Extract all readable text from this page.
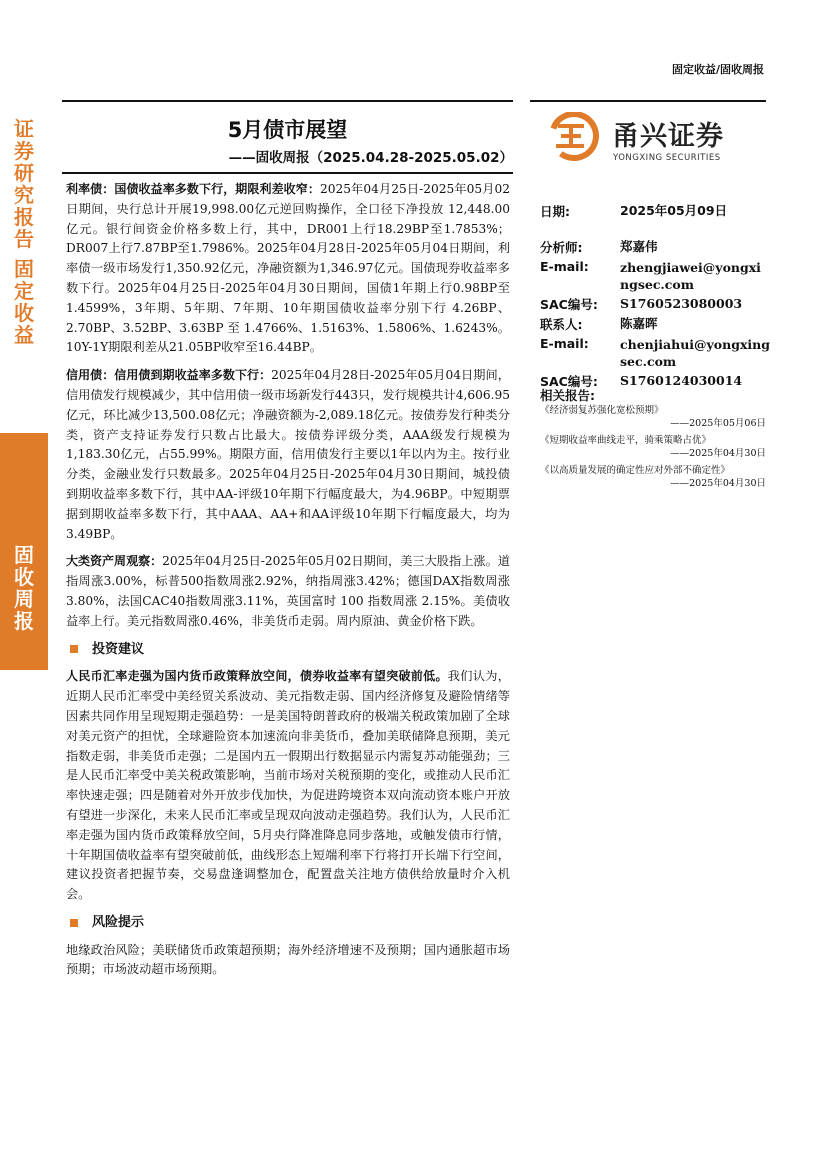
证
券
研
究
报
告
固
定
收
益
固
收
周
报
固定收益/固收周报
5月债市展望
——固收周报（2025.04.28-2025.05.02）

利率债：国债收益率多数下行，期限利差收窄：2025年04月25日-2025年05月02日期间，央行总计开展19,998.00亿元逆回购操作，全口径下净投放 12,448.00亿元。银行间资金价格多数上行，其中，DR001上行18.29BP至1.7853%；DR007上行7.87BP至1.7986%。2025年04月28日-2025年05月04日期间，利率债一级市场发行1,350.92亿元，净融资额为1,346.97亿元。国债现券收益率多数下行。2025年04月25日-2025年04月30日期间，国债1年期上行0.98BP至1.4599%，3年期、5年期、7年期、10年期国债收益率分别下行 4.26BP、2.70BP、3.52BP、3.63BP 至 1.4766%、1.5163%、1.5806%、1.6243%。10Y-1Y期限利差从21.05BP收窄至16.44BP。

信用债：信用债到期收益率多数下行：2025年04月28日-2025年05月04日期间，信用债发行规模减少，其中信用债一级市场新发行443只，发行规模共计4,606.95亿元，环比减少13,500.08亿元；净融资额为-2,089.18亿元。按债券发行种类分类，资产支持证券发行只数占比最大。按债券评级分类，AAA级发行规模为1,183.30亿元，占55.99%。期限方面，信用债发行主要以1年以内为主。按行业分类，金融业发行只数最多。2025年04月25日-2025年04月30日期间，城投债到期收益率多数下行，其中AA-评级10年期下行幅度最大，为4.96BP。中短期票据到期收益率多数下行，其中AAA、AA+和AA评级10年期下行幅度最大，均为3.49BP。

大类资产周观察：2025年04月25日-2025年05月02日期间，美三大股指上涨。道指周涨3.00%，标普500指数周涨2.92%，纳指周涨3.42%；德国DAX指数周涨3.80%，法国CAC40指数周涨3.11%，英国富时 100 指数周涨 2.15%。美债收益率上行。美元指数周涨0.46%，非美货币走弱。周内原油、黄金价格下跌。

投资建议

人民币汇率走强为国内货币政策释放空间，债券收益率有望突破前低。我们认为，近期人民币汇率受中美经贸关系波动、美元指数走弱、国内经济修复及避险情绪等因素共同作用呈现短期走强趋势：一是美国特朗普政府的极端关税政策加剧了全球对美元资产的担忧，全球避险资本加速流向非美货币，叠加美联储降息预期，美元指数走弱，非美货币走强；二是国内五一假期出行数据显示内需复苏动能强劲；三是人民币汇率受中美关税政策影响，当前市场对关税预期的变化，或推动人民币汇率快速走强；四是随着对外开放步伐加快，为促进跨境资本双向流动资本账户开放有望进一步深化，未来人民币汇率或呈现双向波动走强趋势。我们认为，人民币汇率走强为国内货币政策释放空间，5月央行降准降息同步落地，或触发债市行情，十年期国债收益率有望突破前低，曲线形态上短端利率下行将打开长端下行空间，建议投资者把握节奏，交易盘逢调整加仓，配置盘关注地方债供给放量时介入机会。

风险提示

地缘政治风险；美联储货币政策超预期；海外经济增速不及预期；国内通胀超市场预期；市场波动超市场预期。

甬兴证券
YONGXING SECURITIES
日期:	2025年05月09日
分析师:	郑嘉伟
E-mail: zhengjiawei@yongxingsec.com
SAC编号: S1760523080003
联系人:	陈嘉晖
E-mail: chenjiahui@yongxingsec.com
SAC编号: S1760124030014
相关报告:
《经济弱复苏强化宽松预期》
——2025年05月06日
《短期收益率曲线走平，骑乘策略占优》
——2025年04月30日
《以高质量发展的确定性应对外部不确定性》
——2025年04月30日
